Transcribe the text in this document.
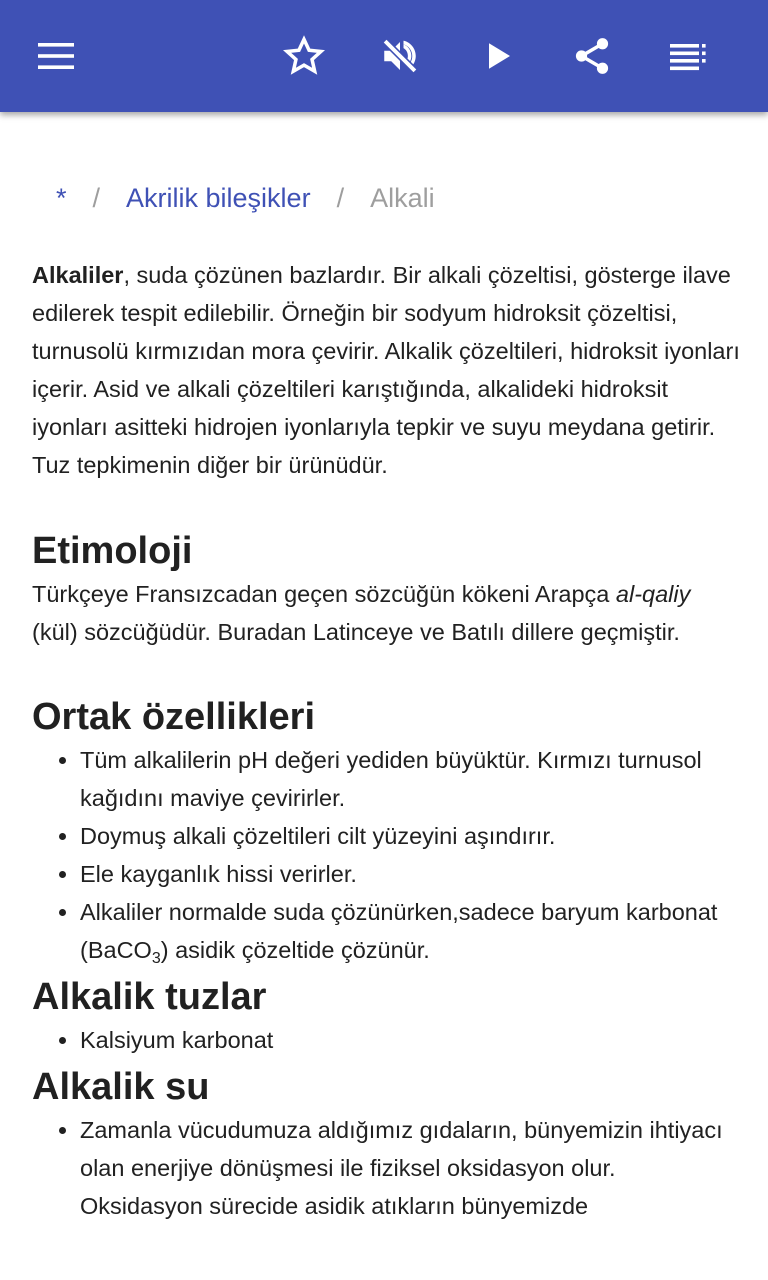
* / Akrilik bileşikler / Alkali

Alkaliler, suda çözünen bazlardır. Bir alkali çözeltisi, gösterge ilave edilerek tespit edilebilir. Örneğin bir sodyum hidroksit çözeltisi, turnusolü kırmızıdan mora çevirir. Alkalik çözeltileri, hidroksit iyonları içerir. Asid ve alkali çözeltileri karıştığında, alkalideki hidroksit iyonları asitteki hidrojen iyonlarıyla tepkir ve suyu meydana getirir. Tuz tepkimenin diğer bir ürünüdür.

Etimoloji

Türkçeye Fransızcadan geçen sözcüğün kökeni Arapça al-qaliy (kül) sözcüğüdür. Buradan Latinceye ve Batılı dillere geçmiştir.

Ortak özellikleri
• Tüm alkalilerin pH değeri yediden büyüktür. Kırmızı turnusol kağıdını maviye çevirirler.
• Doymuş alkali çözeltileri cilt yüzeyini aşındırır.
• Ele kayganlık hissi verirler.
• Alkaliler normalde suda çözünürken,sadece baryum karbonat (BaCO$_3$) asidik çözeltide çözünür.
Alkalik tuzlar
• Kalsiyum karbonat
Alkalik su
• Zamanla vücudumuza aldığımız gıdaların, bünyemizin ihtiyacı olan enerjiye dönüşmesi ile fiziksel oksidasyon olur. Oksidasyon sürecide asidik atıkların bünyemizde
